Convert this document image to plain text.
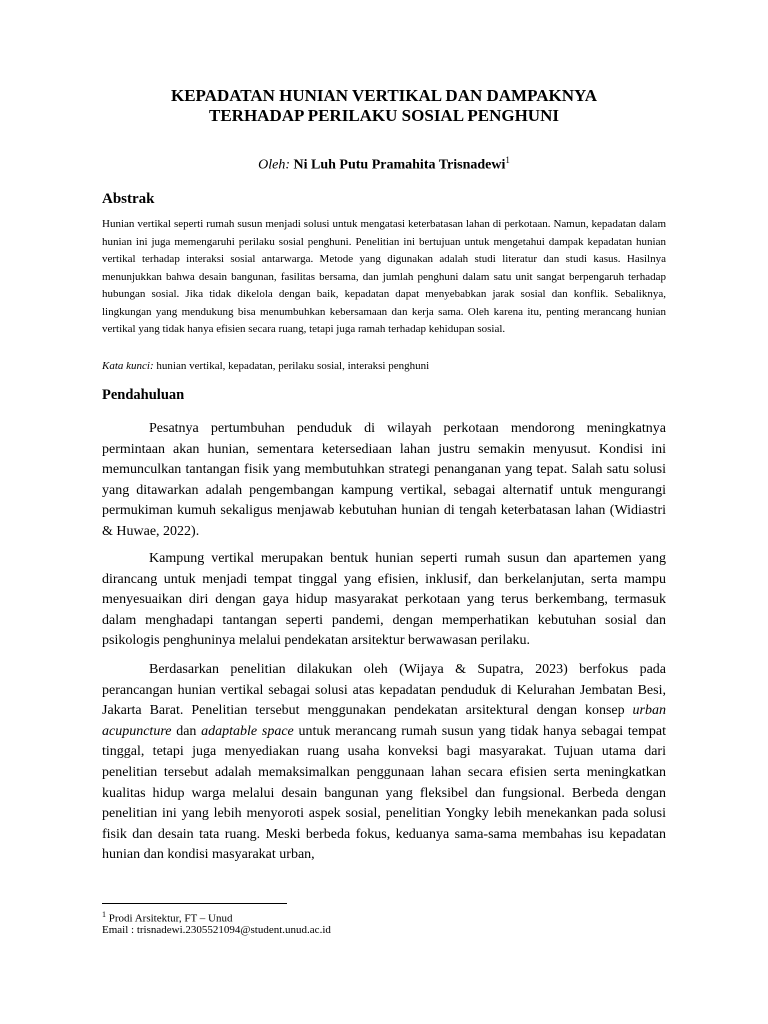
KEPADATAN HUNIAN VERTIKAL DAN DAMPAKNYA
TERHADAP PERILAKU SOSIAL PENGHUNI
Oleh: Ni Luh Putu Pramahita Trisnadewi$^1$
Abstrak

Hunian vertikal seperti rumah susun menjadi solusi untuk mengatasi keterbatasan lahan di perkotaan. Namun, kepadatan dalam hunian ini juga memengaruhi perilaku sosial penghuni. Penelitian ini bertujuan untuk mengetahui dampak kepadatan hunian vertikal terhadap interaksi sosial antarwarga. Metode yang digunakan adalah studi literatur dan studi kasus. Hasilnya menunjukkan bahwa desain bangunan, fasilitas bersama, dan jumlah penghuni dalam satu unit sangat berpengaruh terhadap hubungan sosial. Jika tidak dikelola dengan baik, kepadatan dapat menyebabkan jarak sosial dan konflik. Sebaliknya, lingkungan yang mendukung bisa menumbuhkan kebersamaan dan kerja sama. Oleh karena itu, penting merancang hunian vertikal yang tidak hanya efisien secara ruang, tetapi juga ramah terhadap kehidupan sosial.

Kata kunci: hunian vertikal, kepadatan, perilaku sosial, interaksi penghuni

Pendahuluan

Pesatnya pertumbuhan penduduk di wilayah perkotaan mendorong meningkatnya permintaan akan hunian, sementara ketersediaan lahan justru semakin menyusut. Kondisi ini memunculkan tantangan fisik yang membutuhkan strategi penanganan yang tepat. Salah satu solusi yang ditawarkan adalah pengembangan kampung vertikal, sebagai alternatif untuk mengurangi permukiman kumuh sekaligus menjawab kebutuhan hunian di tengah keterbatasan lahan (Widiastri & Huwae, 2022).

Kampung vertikal merupakan bentuk hunian seperti rumah susun dan apartemen yang dirancang untuk menjadi tempat tinggal yang efisien, inklusif, dan berkelanjutan, serta mampu menyesuaikan diri dengan gaya hidup masyarakat perkotaan yang terus berkembang, termasuk dalam menghadapi tantangan seperti pandemi, dengan memperhatikan kebutuhan sosial dan psikologis penghuninya melalui pendekatan arsitektur berwawasan perilaku.

Berdasarkan penelitian dilakukan oleh (Wijaya & Supatra, 2023) berfokus pada perancangan hunian vertikal sebagai solusi atas kepadatan penduduk di Kelurahan Jembatan Besi, Jakarta Barat. Penelitian tersebut menggunakan pendekatan arsitektural dengan konsep urban acupuncture dan adaptable space untuk merancang rumah susun yang tidak hanya sebagai tempat tinggal, tetapi juga menyediakan ruang usaha konveksi bagi masyarakat. Tujuan utama dari penelitian tersebut adalah memaksimalkan penggunaan lahan secara efisien serta meningkatkan kualitas hidup warga melalui desain bangunan yang fleksibel dan fungsional. Berbeda dengan penelitian ini yang lebih menyoroti aspek sosial, penelitian Yongky lebih menekankan pada solusi fisik dan desain tata ruang. Meski berbeda fokus, keduanya sama-sama membahas isu kepadatan hunian dan kondisi masyarakat urban,

$^1$ Prodi Arsitektur, FT – Unud

Email : trisnadewi.2305521094@student.unud.ac.id
